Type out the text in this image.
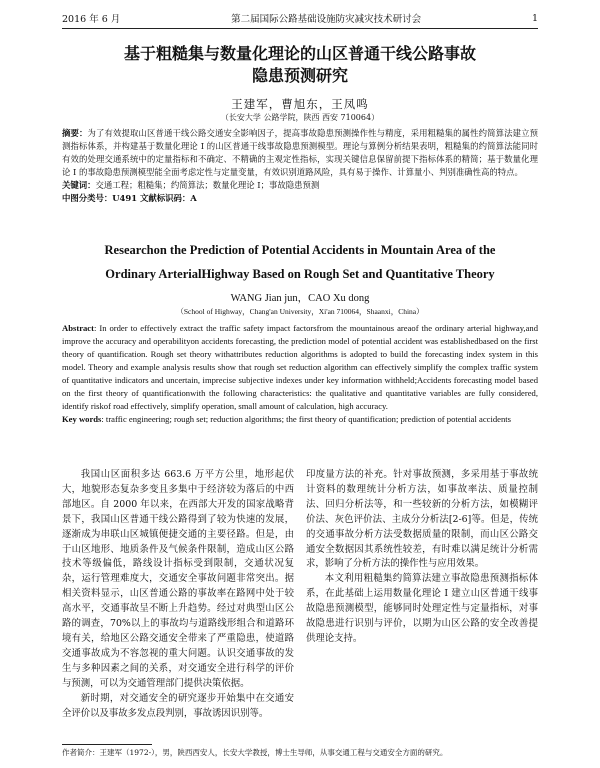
2016 年 6 月	第二届国际公路基础设施防灾减灾技术研讨会	1
基于粗糙集与数量化理论的山区普通干线公路事故
隐患预测研究
王建军，曹旭东，王凤鸣
（长安大学 公路学院，陕西 西安 710064）
摘要：为了有效提取山区普通干线公路交通安全影响因子，提高事故隐患预测操作性与精度，采用粗糙集的属性约简算法建立预测指标体系，并构建基于数量化理论 I 的山区普通干线事故隐患预测模型。理论与算例分析结果表明，粗糙集的约简算法能同时有效的处理交通系统中的定量指标和不确定、不精确的主观定性指标，实现关键信息保留前提下指标体系的精简；基于数量化理论 I 的事故隐患预测模型能全面考虑定性与定量变量，有效识别道路风险，具有易于操作、计算量小、判别准确性高的特点。
关键词：交通工程；粗糙集；约简算法；数量化理论 I；事故隐患预测
中图分类号：U491 文献标识码：A
Researchon the Prediction of Potential Accidents in Mountain Area of the
Ordinary ArterialHighway Based on Rough Set and Quantitative Theory
WANG Jian jun，CAO Xu dong
（School of Highway，Chang'an University，Xi'an 710064，Shaanxi，China）
Abstract: In order to effectively extract the traffic safety impact factorsfrom the mountainous areaof the ordinary arterial highway,and improve the accuracy and operabilityon accidents forecasting, the prediction model of potential accident was establishedbased on the first theory of quantification. Rough set theory withattributes reduction algorithms is adopted to build the forecasting index system in this model. Theory and example analysis results show that rough set reduction algorithm can effectively simplify the complex traffic system of quantitative indicators and uncertain, imprecise subjective indexes under key information withheld;Accidents forecasting model based on the first theory of quantificationwith the following characteristics: the qualitative and quantitative variables are fully considered, identify riskof road effectively, simplify operation, small amount of calculation, high accuracy.
Key words: traffic engineering; rough set; reduction algorithms; the first theory of quantification; prediction of potential accidents

我国山区面积多达 663.6 万平方公里，地形起伏大，地貌形态复杂多变且多集中于经济较为落后的中西部地区。自 2000 年以来，在西部大开发的国家战略背景下，我国山区普通干线公路得到了较为快速的发展，逐渐成为串联山区城镇便捷交通的主要径路。但是，由于山区地形、地质条件及气候条件限制，造成山区公路技术等级偏低，路线设计指标受到限制，交通状况复杂，运行管理难度大，交通安全事故问题非常突出。据相关资料显示，山区普通公路的事故率在路网中处于较高水平，交通事故呈不断上升趋势。经过对典型山区公路的调查，70%以上的事故均与道路线形组合和道路环境有关，给地区公路交通安全带来了严重隐患，使道路交通事故成为不容忽视的重大问题。认识交通事故的发生与多种因素之间的关系，对交通安全进行科学的评价与预测，可以为交通管理部门提供决策依据。

新时期，对交通安全的研究逐步开始集中在交通安全评价以及事故多发点段判别，事故诱因识别等。

印度量方法的补充。针对事故预测，多采用基于事故统计资料的数理统计分析方法，如事故率法、质量控制法、回归分析法等，和一些较新的分析方法，如模糊评价法、灰色评价法、主成分分析法[2-6]等。但是，传统的交通事故分析方法受数据质量的限制，而山区公路交通安全数据因其系统性较差，有时难以满足统计分析需求，影响了分析方法的操作性与应用效果。

本文利用粗糙集约简算法建立事故隐患预测指标体系，在此基础上运用数量化理论 I 建立山区普通干线事故隐患预测模型，能够同时处理定性与定量指标，对事故隐患进行识别与评价，以期为山区公路的安全改善提供理论支持。

作者简介：王建军（1972-），男，陕西西安人，长安大学教授，博士生导师，从事交通工程与交通安全方面的研究。
